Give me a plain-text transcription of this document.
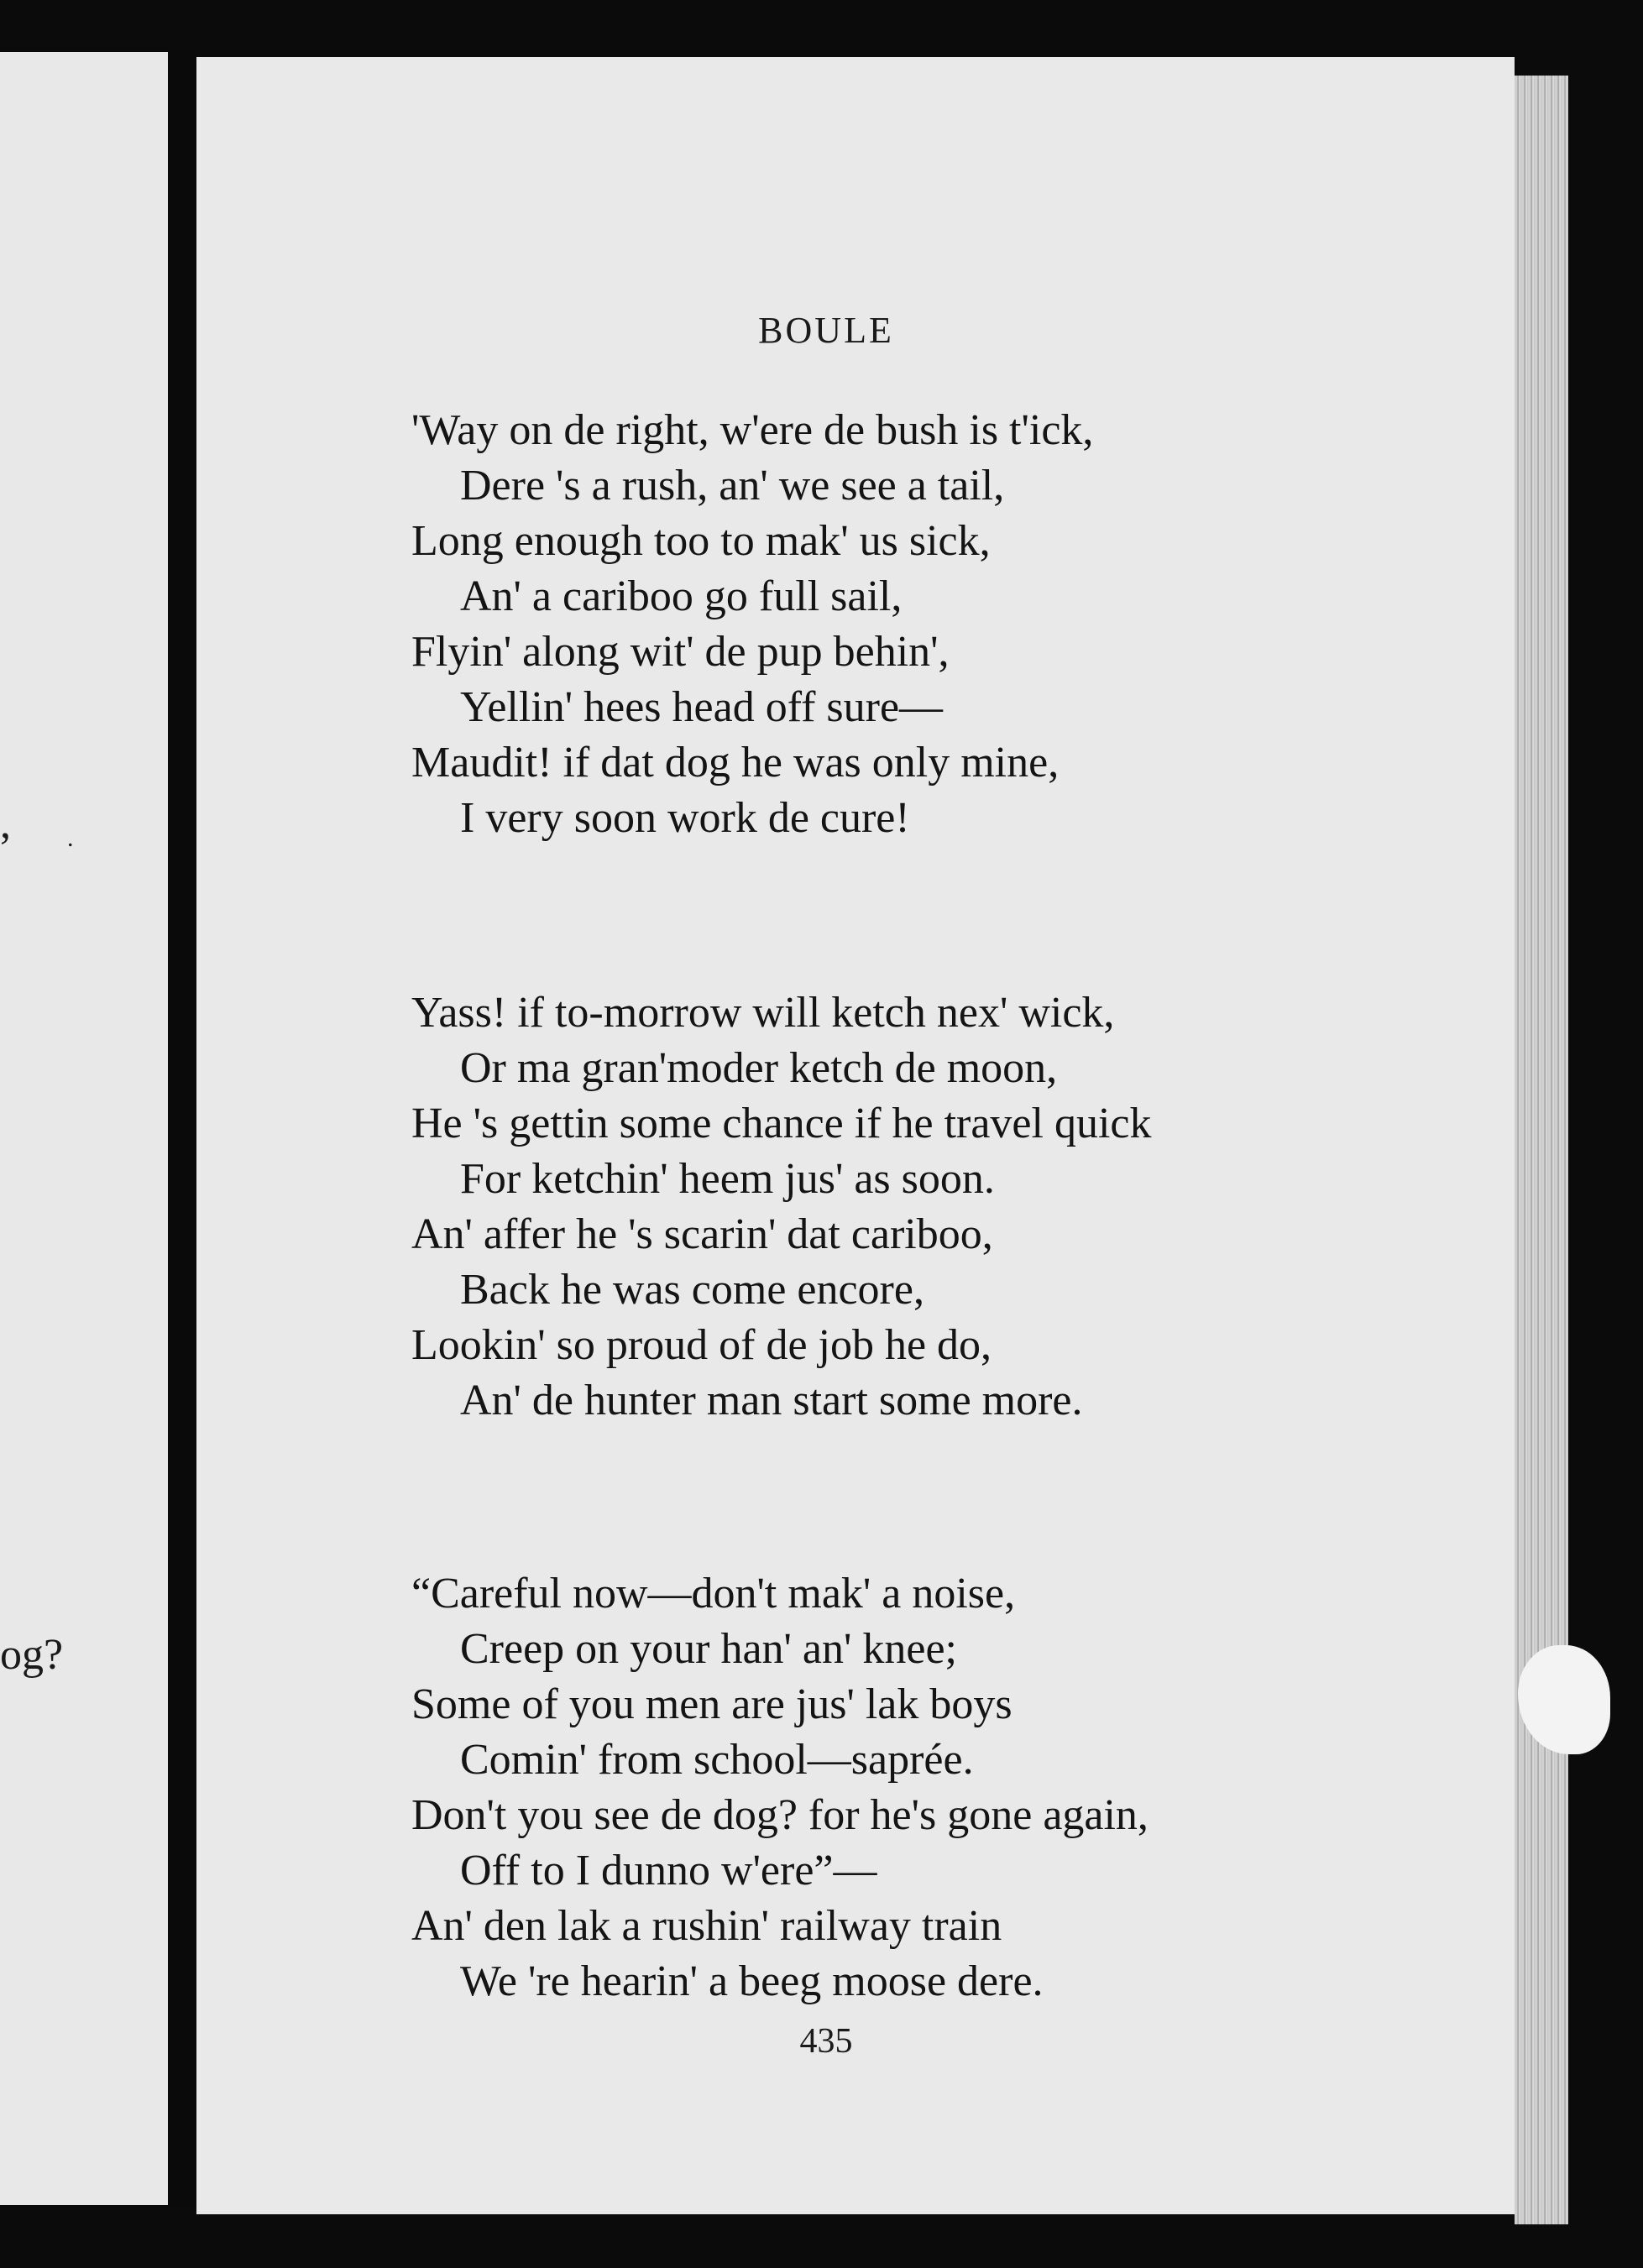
, .
og?
BOULE
'Way on de right, w'ere de bush is t'ick,
Dere 's a rush, an' we see a tail,
Long enough too to mak' us sick,
An' a cariboo go full sail,
Flyin' along wit' de pup behin',
Yellin' hees head off sure—
Maudit! if dat dog he was only mine,
I very soon work de cure!
Yass! if to-morrow will ketch nex' wick,
Or ma gran'moder ketch de moon,
He 's gettin some chance if he travel quick
For ketchin' heem jus' as soon.
An' affer he 's scarin' dat cariboo,
Back he was come encore,
Lookin' so proud of de job he do,
An' de hunter man start some more.
“Careful now—don't mak' a noise,
Creep on your han' an' knee;
Some of you men are jus' lak boys
Comin' from school—saprée.
Don't you see de dog? for he's gone again,
Off to I dunno w'ere”—
An' den lak a rushin' railway train
We 're hearin' a beeg moose dere.
435
